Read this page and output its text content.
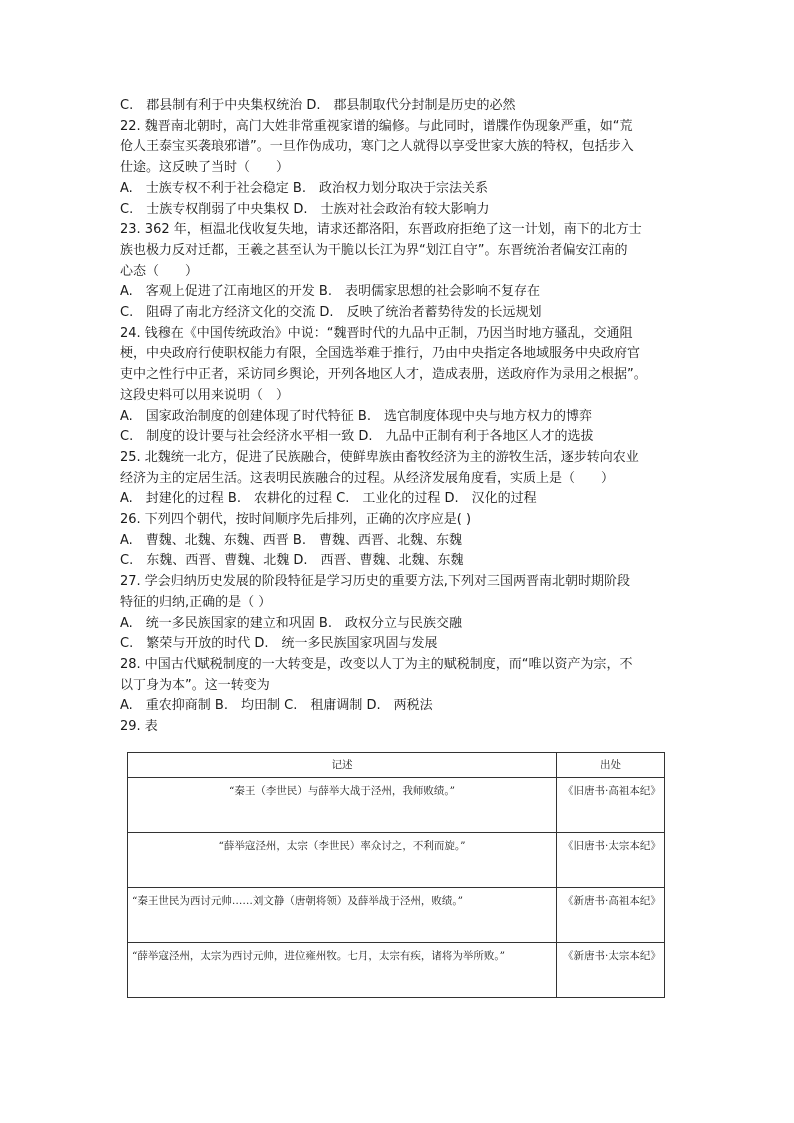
C.　郡县制有利于中央集权统治 D.　郡县制取代分封制是历史的必然
22. 魏晋南北朝时，高门大姓非常重视家谱的编修。与此同时，谱牒作伪现象严重，如“荒
伧人王泰宝买袭琅邪谱”。一旦作伪成功，寒门之人就得以享受世家大族的特权，包括步入
仕途。这反映了当时（　　）
A.　士族专权不利于社会稳定 B.　政治权力划分取决于宗法关系
C.　士族专权削弱了中央集权 D.　士族对社会政治有较大影响力
23. 362 年，桓温北伐收复失地，请求还都洛阳，东晋政府拒绝了这一计划，南下的北方士
族也极力反对迁都，王羲之甚至认为干脆以长江为界“划江自守”。东晋统治者偏安江南的
心态（　　）
A.　客观上促进了江南地区的开发 B.　表明儒家思想的社会影响不复存在
C.　阻碍了南北方经济文化的交流 D.　反映了统治者蓄势待发的长远规划
24. 钱穆在《中国传统政治》中说：“魏晋时代的九品中正制，乃因当时地方骚乱，交通阻
梗，中央政府行使职权能力有限，全国选举难于推行，乃由中央指定各地域服务中央政府官
吏中之性行中正者，采访同乡舆论，开列各地区人才，造成表册，送政府作为录用之根据”。
这段史料可以用来说明（　）
A.　国家政治制度的创建体现了时代特征 B.　选官制度体现中央与地方权力的博弈
C.　制度的设计要与社会经济水平相一致 D.　九品中正制有利于各地区人才的选拔
25. 北魏统一北方，促进了民族融合，使鲜卑族由畜牧经济为主的游牧生活，逐步转向农业
经济为主的定居生活。这表明民族融合的过程。从经济发展角度看，实质上是（　　）
A.　封建化的过程 B.　农耕化的过程 C.　工业化的过程 D.　汉化的过程
26. 下列四个朝代，按时间顺序先后排列，正确的次序应是( )
A.　曹魏、北魏、东魏、西晋 B.　曹魏、西晋、北魏、东魏
C.　东魏、西晋、曹魏、北魏 D.　西晋、曹魏、北魏、东魏
27. 学会归纳历史发展的阶段特征是学习历史的重要方法,下列对三国两晋南北朝时期阶段
特征的归纳,正确的是（ ）
A.　统一多民族国家的建立和巩固 B.　政权分立与民族交融
C.　繁荣与开放的时代 D.　统一多民族国家巩固与发展
28. 中国古代赋税制度的一大转变是，改变以人丁为主的赋税制度，而“唯以资产为宗，不
以丁身为本”。这一转变为
A.　重农抑商制 B.　均田制 C.　租庸调制 D.　两税法
29. 表
记述	出处
“秦王（李世民）与薛举大战于泾州，我师败绩。”	《旧唐书·高祖本纪》
“薛举寇泾州，太宗（李世民）率众讨之，不利而旋。”	《旧唐书·太宗本纪》
“秦王世民为西讨元帅……刘文静（唐朝将领）及薛举战于泾州，败绩。”	《新唐书·高祖本纪》
“薛举寇泾州，太宗为西讨元帅，进位雍州牧。七月，太宗有疾，诸将为举所败。”	《新唐书·太宗本纪》
